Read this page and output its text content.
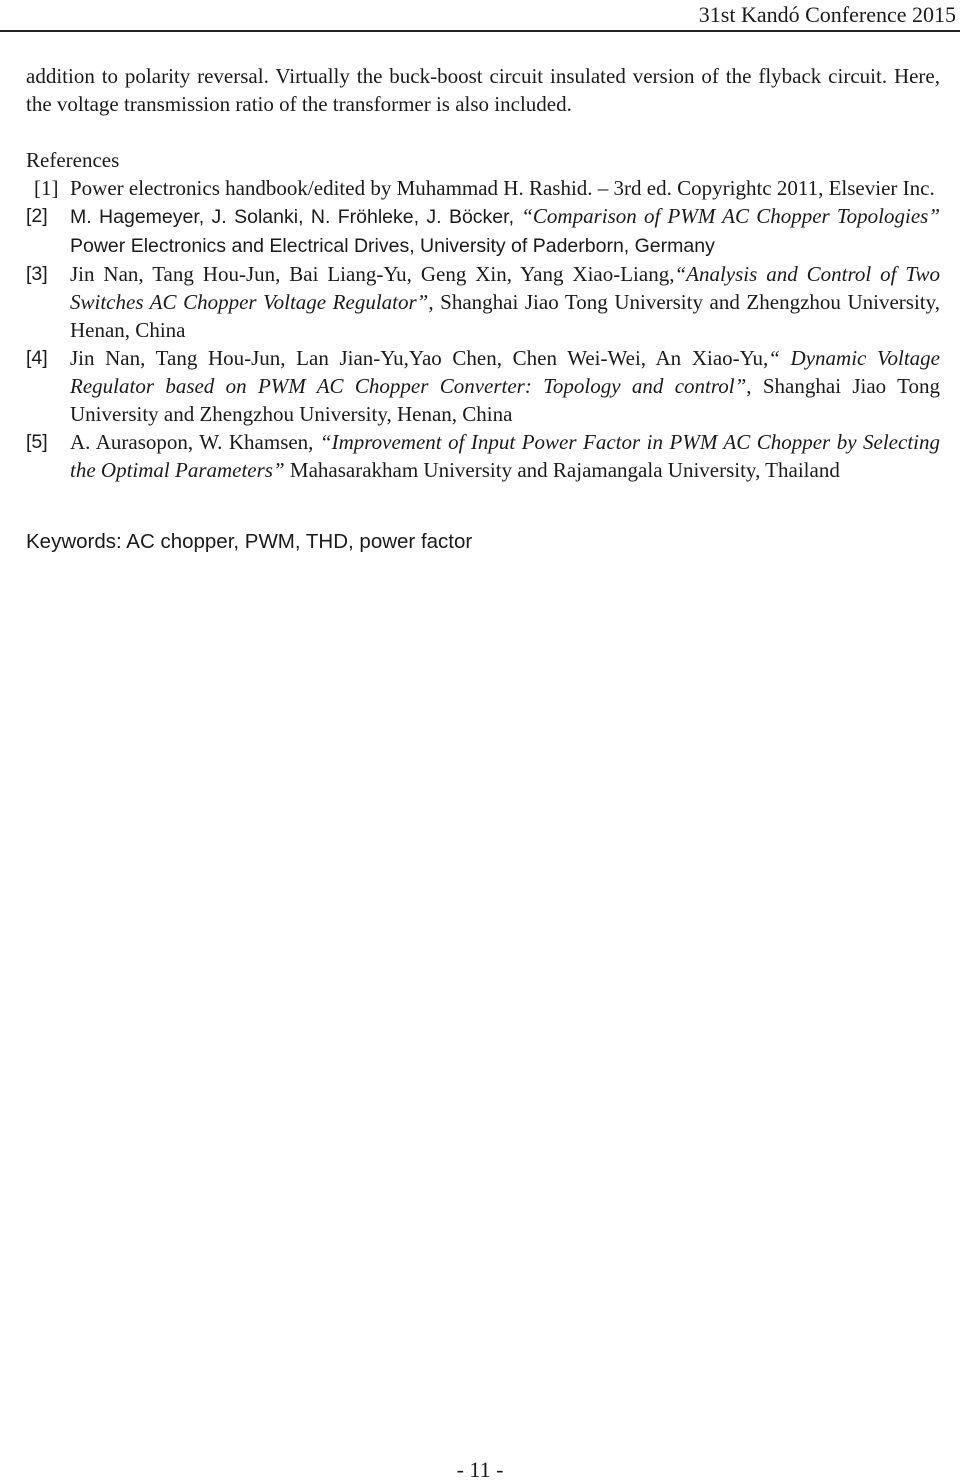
31st Kandó Conference 2015

addition to polarity reversal. Virtually the buck-boost circuit insulated version of the flyback circuit. Here, the voltage transmission ratio of the transformer is also included.

References

[1] Power electronics handbook/edited by Muhammad H. Rashid. – 3rd ed. Copyrightc 2011, Elsevier Inc.

[2] M. Hagemeyer, J. Solanki, N. Fröhleke, J. Böcker, “Comparison of PWM AC Chopper Topologies” Power Electronics and Electrical Drives, University of Paderborn, Germany

[3] Jin Nan, Tang Hou-Jun, Bai Liang-Yu, Geng Xin, Yang Xiao-Liang,“Analysis and Control of Two Switches AC Chopper Voltage Regulator”, Shanghai Jiao Tong University and Zhengzhou University, Henan, China

[4] Jin Nan, Tang Hou-Jun, Lan Jian-Yu,Yao Chen, Chen Wei-Wei, An Xiao-Yu,“ Dynamic Voltage Regulator based on PWM AC Chopper Converter: Topology and control”, Shanghai Jiao Tong University and Zhengzhou University, Henan, China

[5] A. Aurasopon, W. Khamsen, “Improvement of Input Power Factor in PWM AC Chopper by Selecting the Optimal Parameters” Mahasarakham University and Rajamangala University, Thailand

Keywords: AC chopper, PWM, THD, power factor

- 11 -
